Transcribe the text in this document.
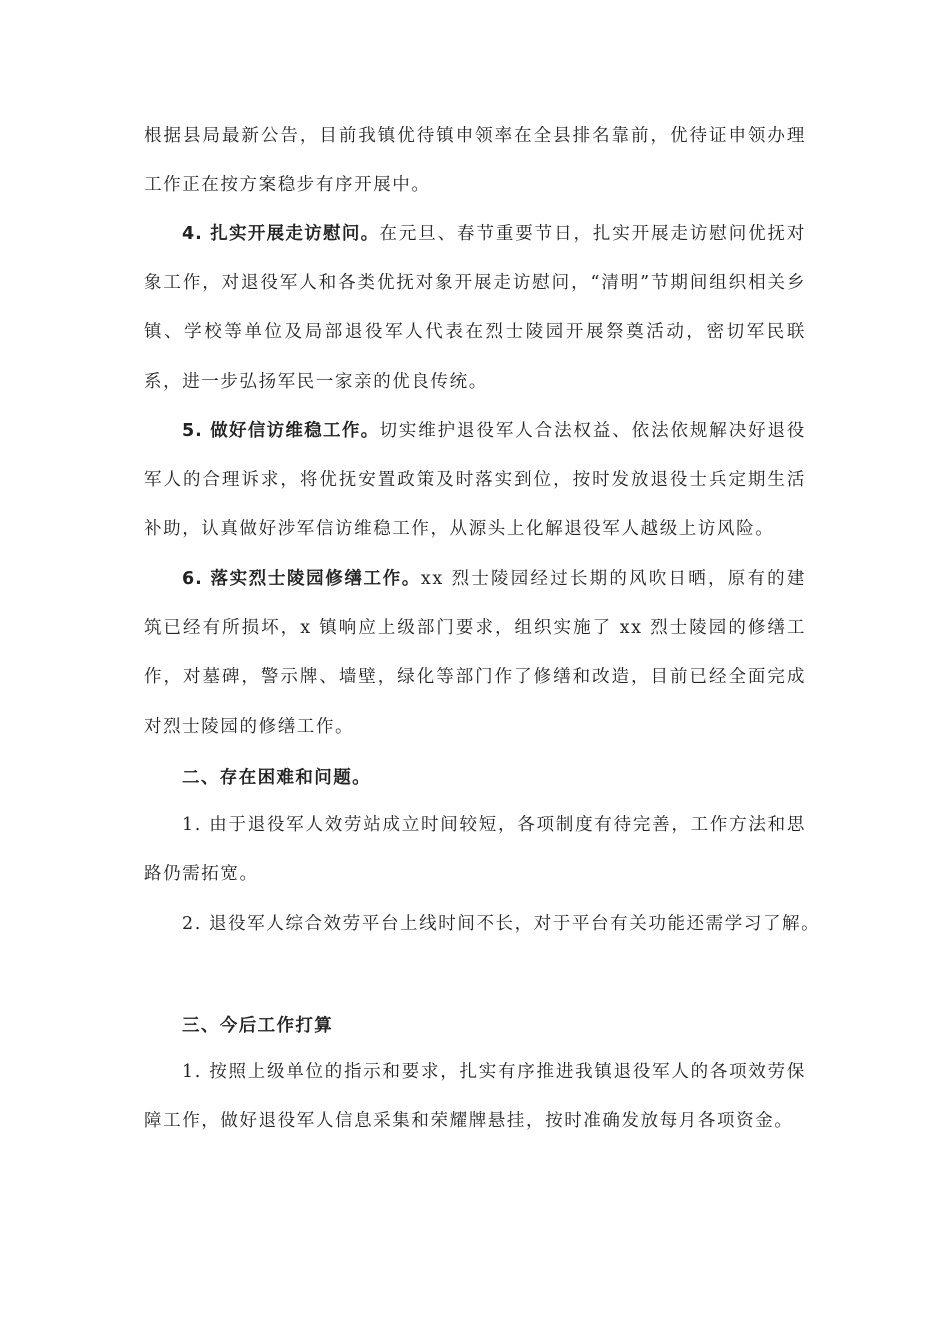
根据县局最新公告，目前我镇优待镇申领率在全县排名靠前，优待证申领办理工作正在按方案稳步有序开展中。

4. 扎实开展走访慰问。在元旦、春节重要节日，扎实开展走访慰问优抚对象工作，对退役军人和各类优抚对象开展走访慰问，“清明”节期间组织相关乡镇、学校等单位及局部退役军人代表在烈士陵园开展祭奠活动，密切军民联系，进一步弘扬军民一家亲的优良传统。

5. 做好信访维稳工作。切实维护退役军人合法权益、依法依规解决好退役军人的合理诉求，将优抚安置政策及时落实到位，按时发放退役士兵定期生活补助，认真做好涉军信访维稳工作，从源头上化解退役军人越级上访风险。

6. 落实烈士陵园修缮工作。xx 烈士陵园经过长期的风吹日晒，原有的建筑已经有所损坏，x 镇响应上级部门要求，组织实施了 xx 烈士陵园的修缮工作，对墓碑，警示牌、墙壁，绿化等部门作了修缮和改造，目前已经全面完成对烈士陵园的修缮工作。

二、存在困难和问题。

1. 由于退役军人效劳站成立时间较短，各项制度有待完善，工作方法和思路仍需拓宽。

2. 退役军人综合效劳平台上线时间不长，对于平台有关功能还需学习了解。

三、今后工作打算

1. 按照上级单位的指示和要求，扎实有序推进我镇退役军人的各项效劳保障工作，做好退役军人信息采集和荣耀牌悬挂，按时准确发放每月各项资金。
